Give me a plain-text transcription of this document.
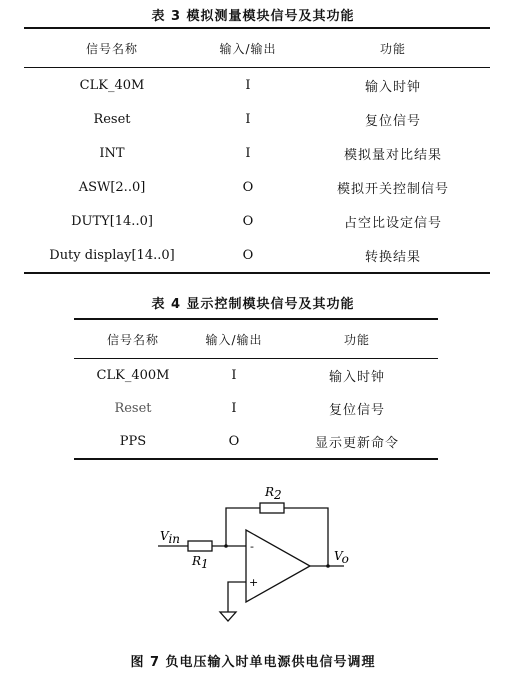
表 3 模拟测量模块信号及其功能
信号名称	输入/输出	功能
CLK_40M	I	输入时钟
Reset	I	复位信号
INT	I	模拟量对比结果
ASW[2..0]	O	模拟开关控制信号
DUTY[14..0]	O	占空比设定信号
Duty display[14..0]	O	转换结果
表 4 显示控制模块信号及其功能
信号名称	输入/输出	功能
CLK_400M	I	输入时钟
Reset	I	复位信号
PPS	O	显示更新命令
R2
R1
Vin
Vo
-
+
图 7 负电压输入时单电源供电信号调理
